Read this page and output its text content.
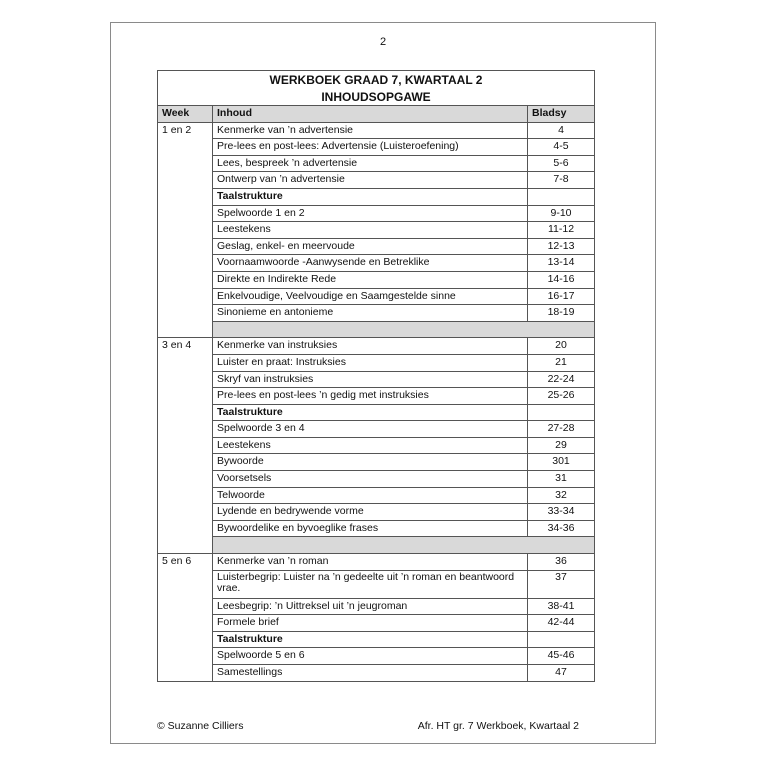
2
WERKBOEK GRAAD 7, KWARTAAL 2
INHOUDSOPGAWE		

Week	Inhoud	Bladsy
1 en 2	Kenmerke van ’n advertensie	4
	Pre-lees en post-lees: Advertensie (Luisteroefening)	4-5
	Lees, bespreek ’n advertensie	5-6
	Ontwerp van ’n advertensie	7-8
	Taalstrukture	
	Spelwoorde 1 en 2	9-10
	Leestekens	11-12
	Geslag, enkel- en meervoude	12-13
	Voornaamwoorde -Aanwysende en Betreklike	13-14
	Direkte en Indirekte Rede	14-16
	Enkelvoudige, Veelvoudige en Saamgestelde sinne	16-17
	Sinonieme en antonieme	18-19

3 en 4	Kenmerke van instruksies	20
	Luister en praat: Instruksies	21
	Skryf van instruksies	22-24
	Pre-lees en post-lees ’n gedig met instruksies	25-26
	Taalstrukture	
	Spelwoorde 3 en 4	27-28
	Leestekens	29
	Bywoorde	301
	Voorsetsels	31
	Telwoorde	32
	Lydende en bedrywende vorme	33-34
	Bywoordelike en byvoeglike frases	34-36

5 en 6	Kenmerke van ’n roman	36
	Luisterbegrip: Luister na ’n gedeelte uit ’n roman en beantwoord vrae.	37
	Leesbegrip: ’n Uittreksel uit ’n jeugroman	38-41
	Formele brief	42-44
	Taalstrukture	
	Spelwoorde 5 en 6	45-46
	Samestellings	47
© Suzanne Cilliers	Afr. HT gr. 7 Werkboek, Kwartaal 2
